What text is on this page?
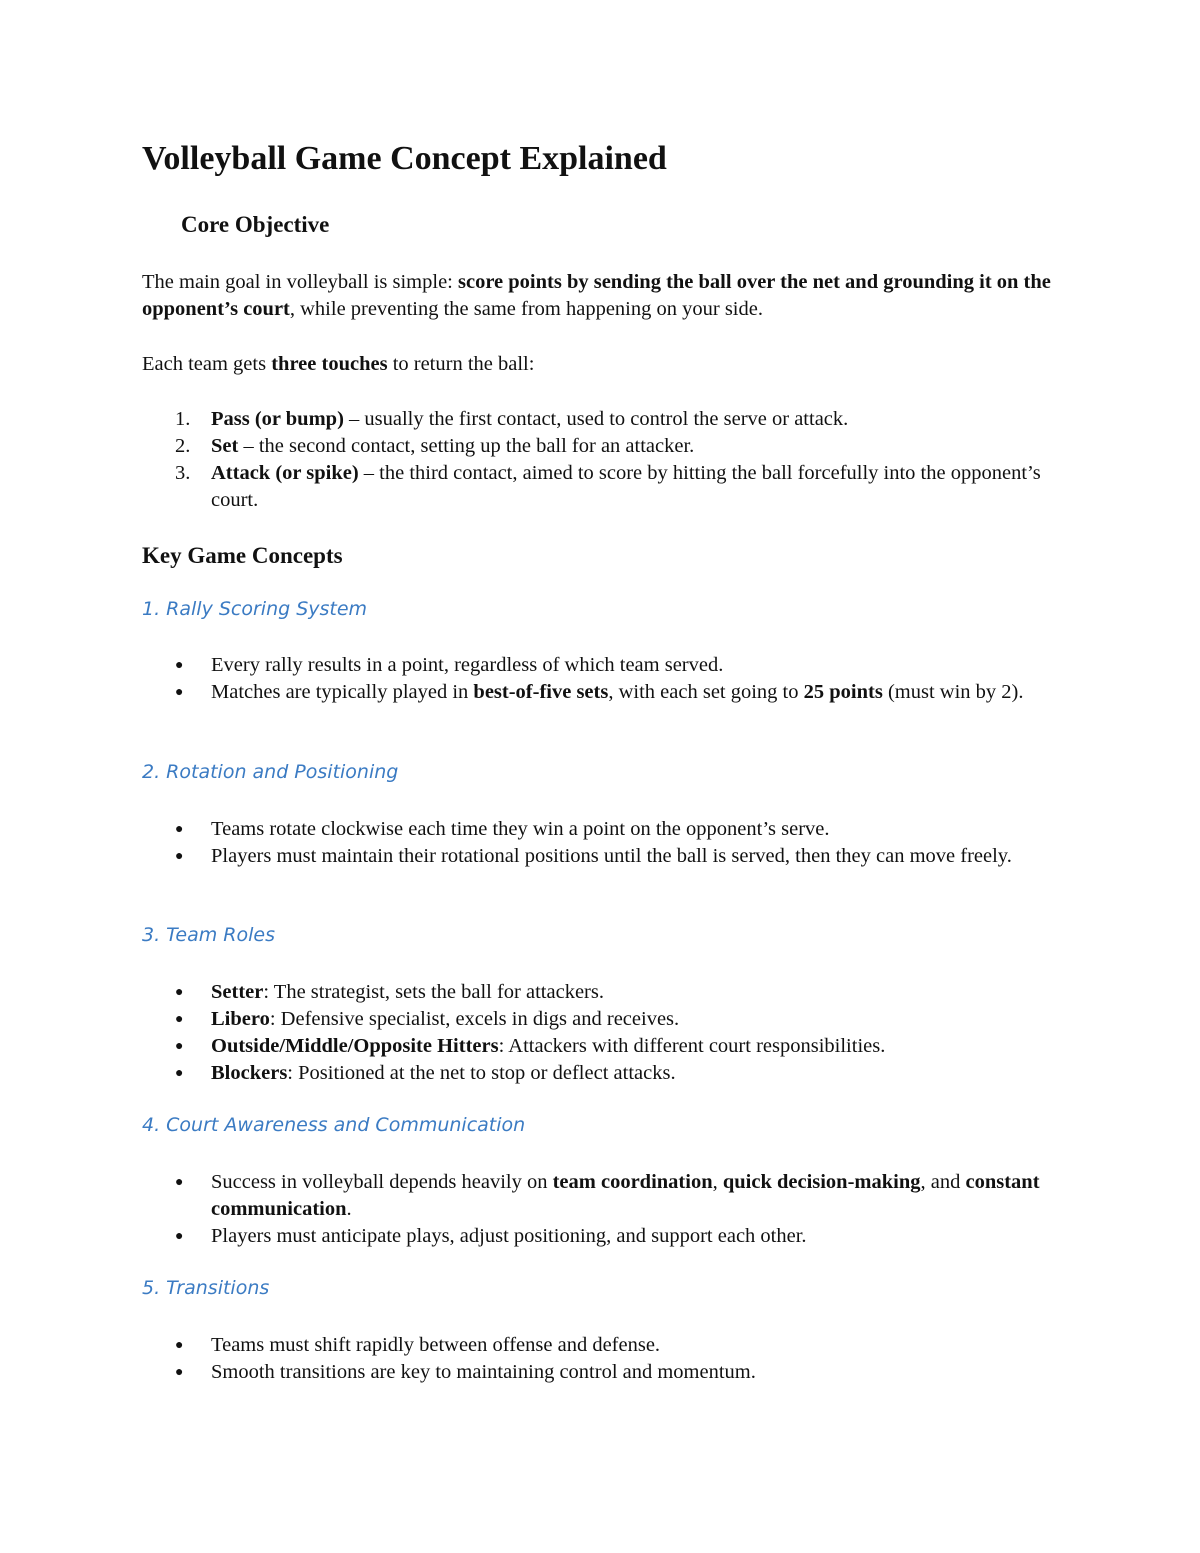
Volleyball Game Concept Explained
Core Objective

The main goal in volleyball is simple: score points by sending the ball over the net and grounding it on the opponent’s court, while preventing the same from happening on your side.

Each team gets three touches to return the ball:

1. Pass (or bump) – usually the first contact, used to control the serve or attack.
2. Set – the second contact, setting up the ball for an attacker.
3. Attack (or spike) – the third contact, aimed to score by hitting the ball forcefully into the opponent’s court.
Key Game Concepts
1. Rally Scoring System
● Every rally results in a point, regardless of which team served.
● Matches are typically played in best-of-five sets, with each set going to 25 points (must win by 2).
2. Rotation and Positioning
● Teams rotate clockwise each time they win a point on the opponent’s serve.
● Players must maintain their rotational positions until the ball is served, then they can move freely.
3. Team Roles
● Setter: The strategist, sets the ball for attackers.
● Libero: Defensive specialist, excels in digs and receives.
● Outside/Middle/Opposite Hitters: Attackers with different court responsibilities.
● Blockers: Positioned at the net to stop or deflect attacks.
4. Court Awareness and Communication
● Success in volleyball depends heavily on team coordination, quick decision-making, and constant communication.
● Players must anticipate plays, adjust positioning, and support each other.
5. Transitions
● Teams must shift rapidly between offense and defense.
● Smooth transitions are key to maintaining control and momentum.
